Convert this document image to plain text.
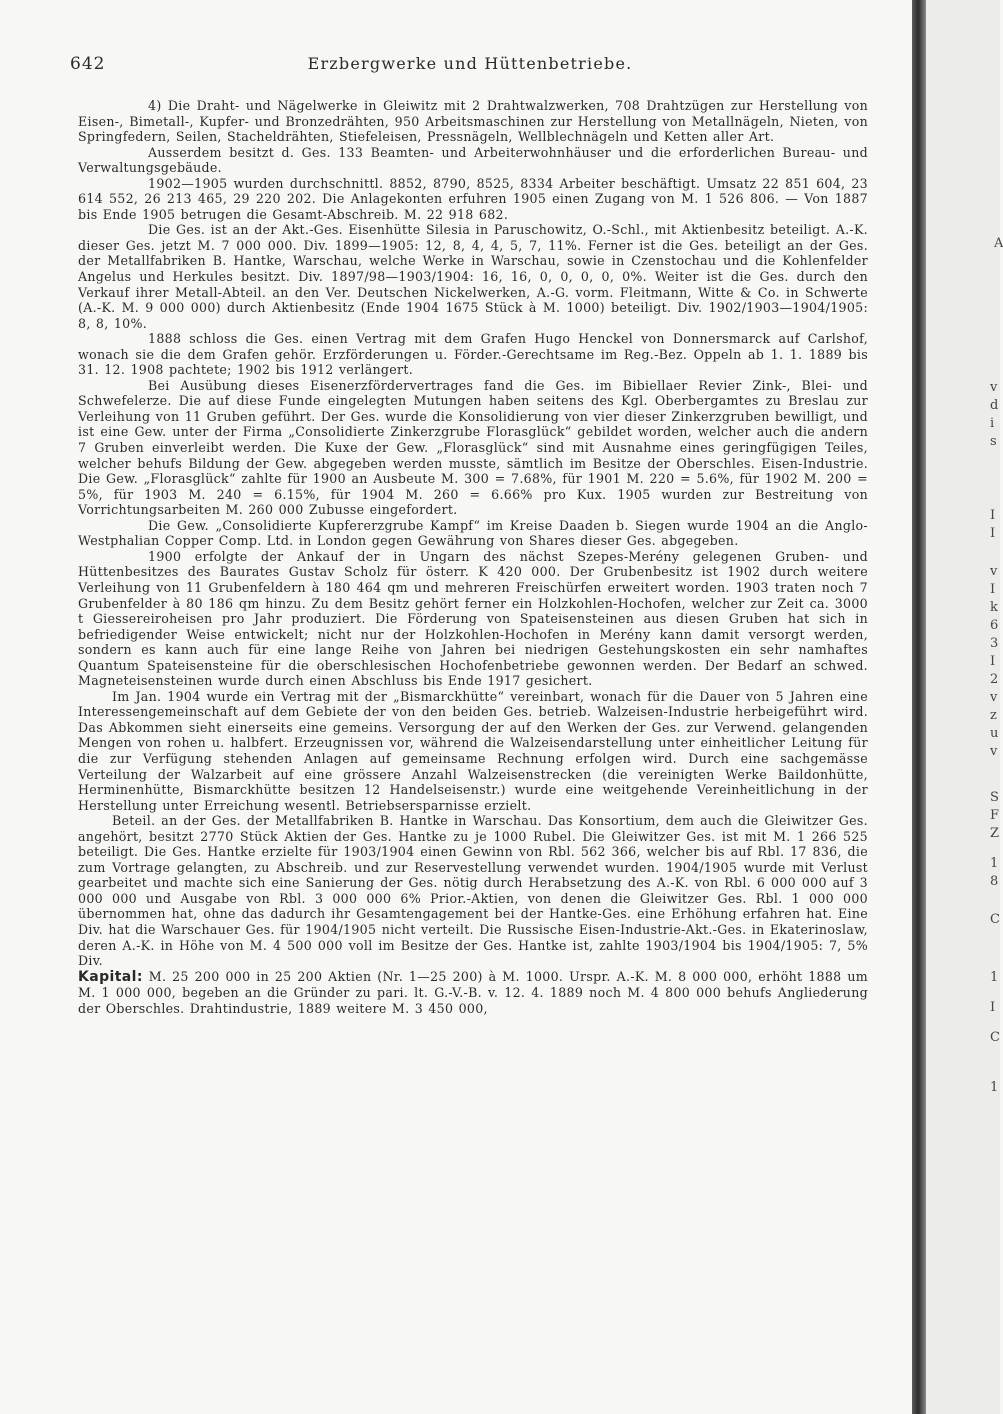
A
v
d
i
s
I
I
v
I
k
6
3
I
2
v
z
u
v
S
F
Z
1
8
C
1
I
C
1
642	Erzbergwerke und Hüttenbetriebe.

4) Die Draht- und Nägelwerke in Gleiwitz mit 2 Drahtwalzwerken, 708 Drahtzügen zur Herstellung von Eisen-, Bimetall-, Kupfer- und Bronzedrähten, 950 Arbeitsmaschinen zur Herstellung von Metallnägeln, Nieten, von Springfedern, Seilen, Stacheldrähten, Stiefeleisen, Pressnägeln, Wellblechnägeln und Ketten aller Art.

Ausserdem besitzt d. Ges. 133 Beamten- und Arbeiterwohnhäuser und die erforderlichen Bureau- und Verwaltungsgebäude.

1902—1905 wurden durchschnittl. 8852, 8790, 8525, 8334 Arbeiter beschäftigt. Umsatz 22 851 604, 23 614 552, 26 213 465, 29 220 202. Die Anlagekonten erfuhren 1905 einen Zugang von M. 1 526 806. — Von 1887 bis Ende 1905 betrugen die Gesamt-Abschreib. M. 22 918 682.

Die Ges. ist an der Akt.-Ges. Eisenhütte Silesia in Paruschowitz, O.-Schl., mit Aktienbesitz beteiligt. A.-K. dieser Ges. jetzt M. 7 000 000. Div. 1899—1905: 12, 8, 4, 4, 5, 7, 11%. Ferner ist die Ges. beteiligt an der Ges. der Metallfabriken B. Hantke, Warschau, welche Werke in Warschau, sowie in Czenstochau und die Kohlenfelder Angelus und Herkules besitzt. Div. 1897/98—1903/1904: 16, 16, 0, 0, 0, 0, 0%. Weiter ist die Ges. durch den Verkauf ihrer Metall-Abteil. an den Ver. Deutschen Nickelwerken, A.-G. vorm. Fleitmann, Witte & Co. in Schwerte (A.-K. M. 9 000 000) durch Aktienbesitz (Ende 1904 1675 Stück à M. 1000) beteiligt. Div. 1902/1903—1904/1905: 8, 8, 10%.

1888 schloss die Ges. einen Vertrag mit dem Grafen Hugo Henckel von Donnersmarck auf Carlshof, wonach sie die dem Grafen gehör. Erzförderungen u. Förder.-Gerechtsame im Reg.-Bez. Oppeln ab 1. 1. 1889 bis 31. 12. 1908 pachtete; 1902 bis 1912 verlängert.

Bei Ausübung dieses Eisenerzfördervertrages fand die Ges. im Bibiellaer Revier Zink-, Blei- und Schwefelerze. Die auf diese Funde eingelegten Mutungen haben seitens des Kgl. Oberbergamtes zu Breslau zur Verleihung von 11 Gruben geführt. Der Ges. wurde die Konsolidierung von vier dieser Zinkerzgruben bewilligt, und ist eine Gew. unter der Firma „Consolidierte Zinkerzgrube Florasglück“ gebildet worden, welcher auch die andern 7 Gruben einverleibt werden. Die Kuxe der Gew. „Florasglück“ sind mit Ausnahme eines geringfügigen Teiles, welcher behufs Bildung der Gew. abgegeben werden musste, sämtlich im Besitze der Oberschles. Eisen-Industrie. Die Gew. „Florasglück“ zahlte für 1900 an Ausbeute M. 300 = 7.68%, für 1901 M. 220 = 5.6%, für 1902 M. 200 = 5%, für 1903 M. 240 = 6.15%, für 1904 M. 260 = 6.66% pro Kux. 1905 wurden zur Bestreitung von Vorrichtungsarbeiten M. 260 000 Zubusse eingefordert.

Die Gew. „Consolidierte Kupfererzgrube Kampf“ im Kreise Daaden b. Siegen wurde 1904 an die Anglo-Westphalian Copper Comp. Ltd. in London gegen Gewährung von Shares dieser Ges. abgegeben.

1900 erfolgte der Ankauf der in Ungarn des nächst Szepes-Merény gelegenen Gruben- und Hüttenbesitzes des Baurates Gustav Scholz für österr. K 420 000. Der Grubenbesitz ist 1902 durch weitere Verleihung von 11 Grubenfeldern à 180 464 qm und mehreren Freischürfen erweitert worden. 1903 traten noch 7 Grubenfelder à 80 186 qm hinzu. Zu dem Besitz gehört ferner ein Holzkohlen-Hochofen, welcher zur Zeit ca. 3000 t Giessereiroheisen pro Jahr produziert. Die Förderung von Spateisensteinen aus diesen Gruben hat sich in befriedigender Weise entwickelt; nicht nur der Holzkohlen-Hochofen in Merény kann damit versorgt werden, sondern es kann auch für eine lange Reihe von Jahren bei niedrigen Gestehungskosten ein sehr namhaftes Quantum Spateisensteine für die oberschlesischen Hochofenbetriebe gewonnen werden. Der Bedarf an schwed. Magneteisensteinen wurde durch einen Abschluss bis Ende 1917 gesichert.

Im Jan. 1904 wurde ein Vertrag mit der „Bismarckhütte“ vereinbart, wonach für die Dauer von 5 Jahren eine Interessengemeinschaft auf dem Gebiete der von den beiden Ges. betrieb. Walzeisen-Industrie herbeigeführt wird. Das Abkommen sieht einerseits eine gemeins. Versorgung der auf den Werken der Ges. zur Verwend. gelangenden Mengen von rohen u. halbfert. Erzeugnissen vor, während die Walzeisendarstellung unter einheitlicher Leitung für die zur Verfügung stehenden Anlagen auf gemeinsame Rechnung erfolgen wird. Durch eine sachgemässe Verteilung der Walzarbeit auf eine grössere Anzahl Walzeisenstrecken (die vereinigten Werke Baildonhütte, Herminenhütte, Bismarckhütte besitzen 12 Handelseisenstr.) wurde eine weitgehende Vereinheitlichung in der Herstellung unter Erreichung wesentl. Betriebsersparnisse erzielt.

Beteil. an der Ges. der Metallfabriken B. Hantke in Warschau. Das Konsortium, dem auch die Gleiwitzer Ges. angehört, besitzt 2770 Stück Aktien der Ges. Hantke zu je 1000 Rubel. Die Gleiwitzer Ges. ist mit M. 1 266 525 beteiligt. Die Ges. Hantke erzielte für 1903/1904 einen Gewinn von Rbl. 562 366, welcher bis auf Rbl. 17 836, die zum Vortrage gelangten, zu Abschreib. und zur Reservestellung verwendet wurden. 1904/1905 wurde mit Verlust gearbeitet und machte sich eine Sanierung der Ges. nötig durch Herabsetzung des A.-K. von Rbl. 6 000 000 auf 3 000 000 und Ausgabe von Rbl. 3 000 000 6% Prior.-Aktien, von denen die Gleiwitzer Ges. Rbl. 1 000 000 übernommen hat, ohne das dadurch ihr Gesamtengagement bei der Hantke-Ges. eine Erhöhung erfahren hat. Eine Div. hat die Warschauer Ges. für 1904/1905 nicht verteilt. Die Russische Eisen-Industrie-Akt.-Ges. in Ekaterinoslaw, deren A.-K. in Höhe von M. 4 500 000 voll im Besitze der Ges. Hantke ist, zahlte 1903/1904 bis 1904/1905: 7, 5% Div.

Kapital: M. 25 200 000 in 25 200 Aktien (Nr. 1—25 200) à M. 1000. Urspr. A.-K. M. 8 000 000, erhöht 1888 um M. 1 000 000, begeben an die Gründer zu pari. lt. G.-V.-B. v. 12. 4. 1889 noch M. 4 800 000 behufs Angliederung der Oberschles. Drahtindustrie, 1889 weitere M. 3 450 000,
